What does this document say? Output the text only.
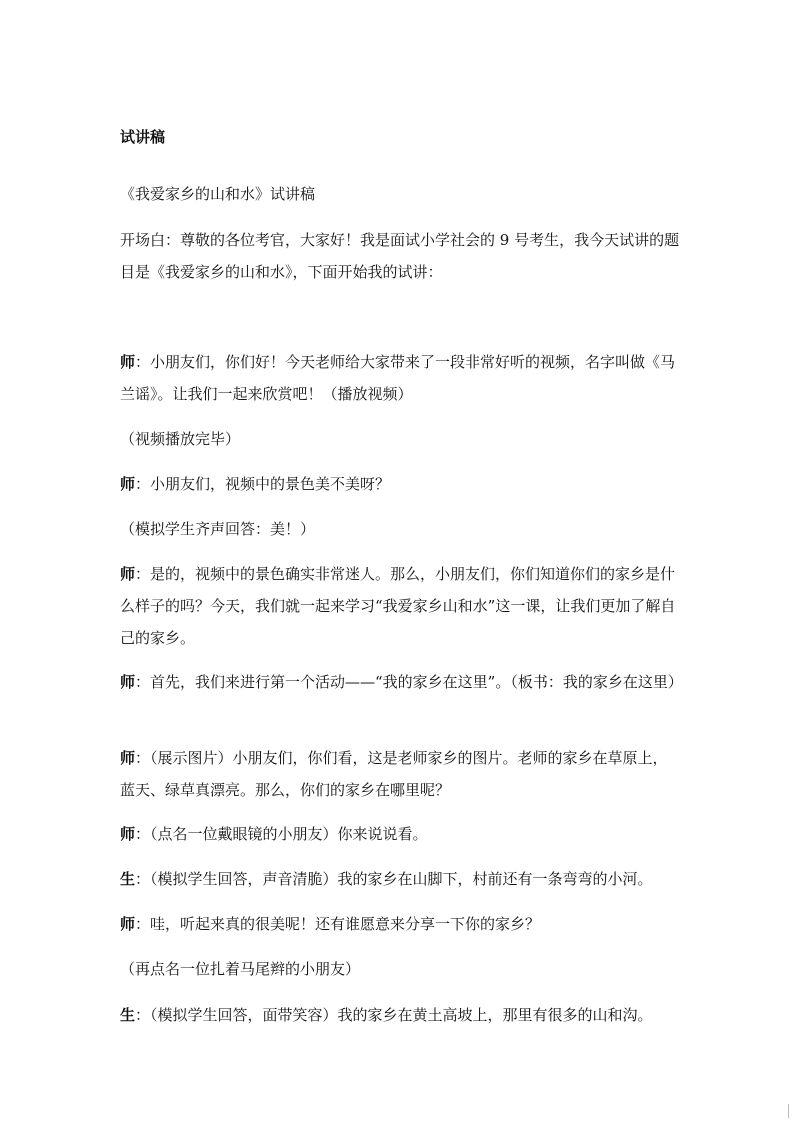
试讲稿
《我爱家乡的山和水》试讲稿
开场白：尊敬的各位考官，大家好！我是面试小学社会的 9 号考生，我今天试讲的题目是《我爱家乡的山和水》，下面开始我的试讲：
师：小朋友们，你们好！今天老师给大家带来了一段非常好听的视频，名字叫做《马兰谣》。让我们一起来欣赏吧！（播放视频）
（视频播放完毕）
师：小朋友们，视频中的景色美不美呀？
（模拟学生齐声回答：美！）
师：是的，视频中的景色确实非常迷人。那么，小朋友们，你们知道你们的家乡是什么样子的吗？今天，我们就一起来学习“我爱家乡山和水”这一课，让我们更加了解自己的家乡。
师：首先，我们来进行第一个活动——“我的家乡在这里”。（板书：我的家乡在这里）
师：（展示图片）小朋友们，你们看，这是老师家乡的图片。老师的家乡在草原上，蓝天、绿草真漂亮。那么，你们的家乡在哪里呢？
师：（点名一位戴眼镜的小朋友）你来说说看。
生：（模拟学生回答，声音清脆）我的家乡在山脚下，村前还有一条弯弯的小河。
师：哇，听起来真的很美呢！还有谁愿意来分享一下你的家乡？
（再点名一位扎着马尾辫的小朋友）
生：（模拟学生回答，面带笑容）我的家乡在黄土高坡上，那里有很多的山和沟。
